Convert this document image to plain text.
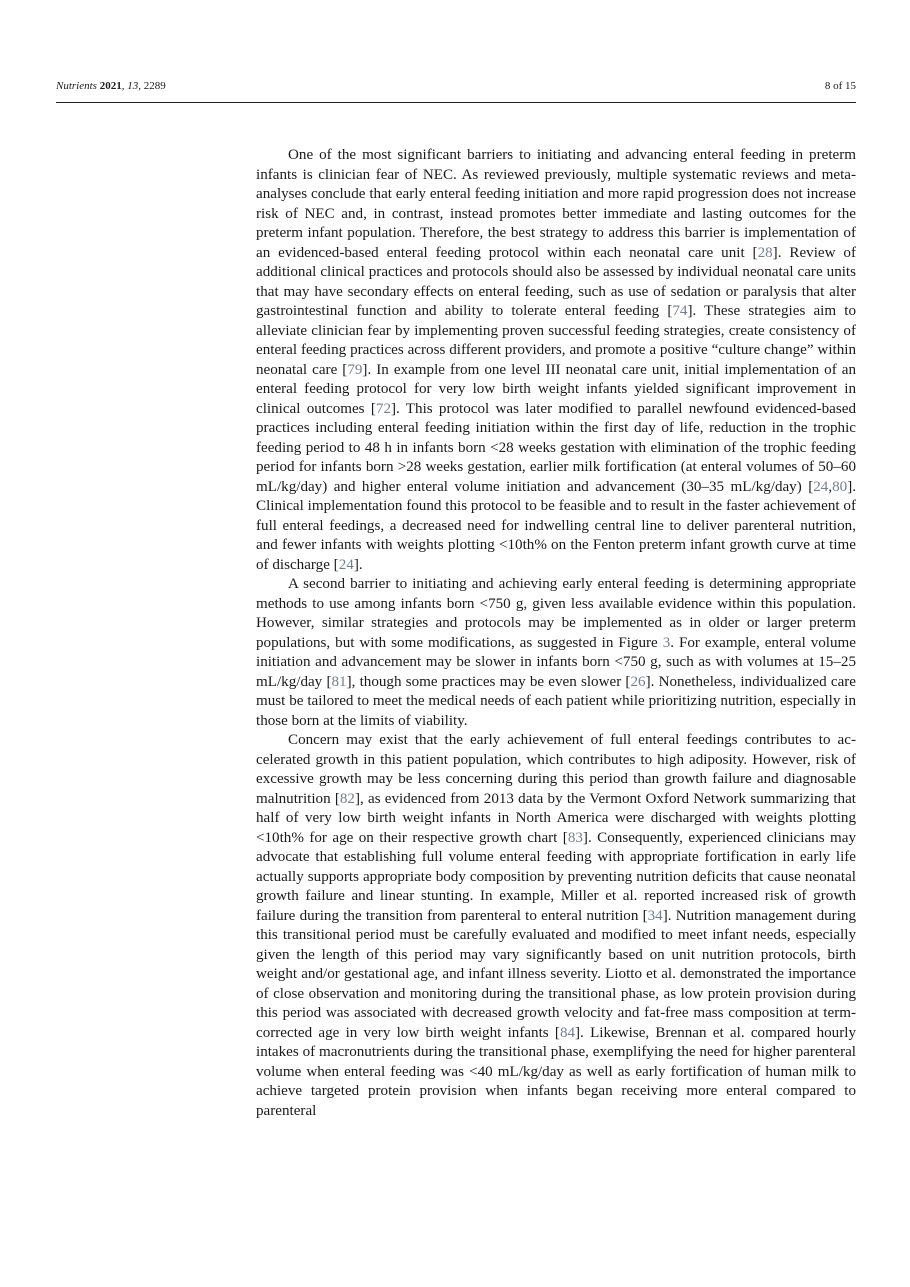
Nutrients 2021, 13, 2289	8 of 15

One of the most significant barriers to initiating and advancing enteral feeding in preterm infants is clinician fear of NEC. As reviewed previously, multiple systematic reviews and meta-analyses conclude that early enteral feeding initiation and more rapid progression does not increase risk of NEC and, in contrast, instead promotes better immediate and lasting outcomes for the preterm infant population. Therefore, the best strategy to address this barrier is implementation of an evidenced-based enteral feeding protocol within each neonatal care unit [28]. Review of additional clinical practices and protocols should also be assessed by individual neonatal care units that may have secondary effects on enteral feeding, such as use of sedation or paralysis that alter gastrointestinal function and ability to tolerate enteral feeding [74]. These strategies aim to alleviate clinician fear by implementing proven successful feeding strategies, create consistency of enteral feeding practices across different providers, and promote a positive “culture change” within neonatal care [79]. In example from one level III neonatal care unit, initial implementation of an enteral feeding protocol for very low birth weight infants yielded significant improvement in clinical outcomes [72]. This protocol was later modified to parallel newfound evidenced-based practices including enteral feeding initiation within the first day of life, reduction in the trophic feeding period to 48 h in infants born <28 weeks gestation with elimination of the trophic feeding period for infants born >28 weeks gestation, earlier milk fortification (at enteral volumes of 50–60 mL/kg/day) and higher enteral volume initiation and advancement (30–35 mL/kg/day) [24,80]. Clinical implementation found this protocol to be feasible and to result in the faster achievement of full enteral feedings, a decreased need for indwelling central line to deliver parenteral nutrition, and fewer infants with weights plotting <10th% on the Fenton preterm infant growth curve at time of discharge [24].

A second barrier to initiating and achieving early enteral feeding is determining appropriate methods to use among infants born <750 g, given less available evidence within this population. However, similar strategies and protocols may be implemented as in older or larger preterm populations, but with some modifications, as suggested in Figure 3. For example, enteral volume initiation and advancement may be slower in infants born <750 g, such as with volumes at 15–25 mL/kg/day [81], though some practices may be even slower [26]. Nonetheless, individualized care must be tailored to meet the medical needs of each patient while prioritizing nutrition, especially in those born at the limits of viability.

Concern may exist that the early achievement of full enteral feedings contributes to accelerated growth in this patient population, which contributes to high adiposity. However, risk of excessive growth may be less concerning during this period than growth failure and diagnosable malnutrition [82], as evidenced from 2013 data by the Vermont Oxford Network summarizing that half of very low birth weight infants in North America were discharged with weights plotting <10th% for age on their respective growth chart [83]. Consequently, experienced clinicians may advocate that establishing full volume enteral feeding with appropriate fortification in early life actually supports appropriate body composition by preventing nutrition deficits that cause neonatal growth failure and linear stunting. In example, Miller et al. reported increased risk of growth failure during the transition from parenteral to enteral nutrition [34]. Nutrition management during this transitional period must be carefully evaluated and modified to meet infant needs, especially given the length of this period may vary significantly based on unit nutrition protocols, birth weight and/or gestational age, and infant illness severity. Liotto et al. demonstrated the importance of close observation and monitoring during the transitional phase, as low protein provision during this period was associated with decreased growth velocity and fat-free mass composition at term-corrected age in very low birth weight infants [84]. Likewise, Brennan et al. compared hourly intakes of macronutrients during the transitional phase, exemplifying the need for higher parenteral volume when enteral feeding was <40 mL/kg/day as well as early fortification of human milk to achieve targeted protein provision when infants began receiving more enteral compared to parenteral
